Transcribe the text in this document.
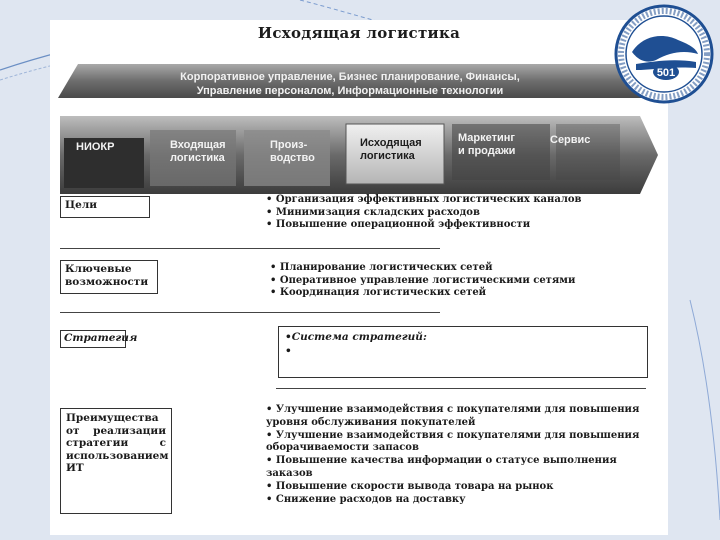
Исходящая логистика
Корпоративное управление, Бизнес планирование, Финансы,
Управление персоналом, Информационные технологии
НИОКР	Входящая
логистика
Произ-
водство
Исходящая
логистика
Маркетинг
и продажи
Сервис
Цели	• Организация эффективных логистических каналов
• Минимизация складских расходов
• Повышение операционной эффективности
Ключевые
возможности
• Планирование логистических сетей
• Оперативное управление логистическими сетями
• Координация логистических сетей
Стратегия	•Система стратегий:
•
Преимущества
от реализации
стратегии	с
использованием
ИТ
• Улучшение взаимодействия с покупателями для повышения
уровня обслуживания покупателей
• Улучшение взаимодействия с покупателями для повышения
оборачиваемости запасов
• Повышение качества информации о статусе выполнения
заказов
• Повышение скорости вывода товара на рынок
• Снижение расходов на доставку
501
